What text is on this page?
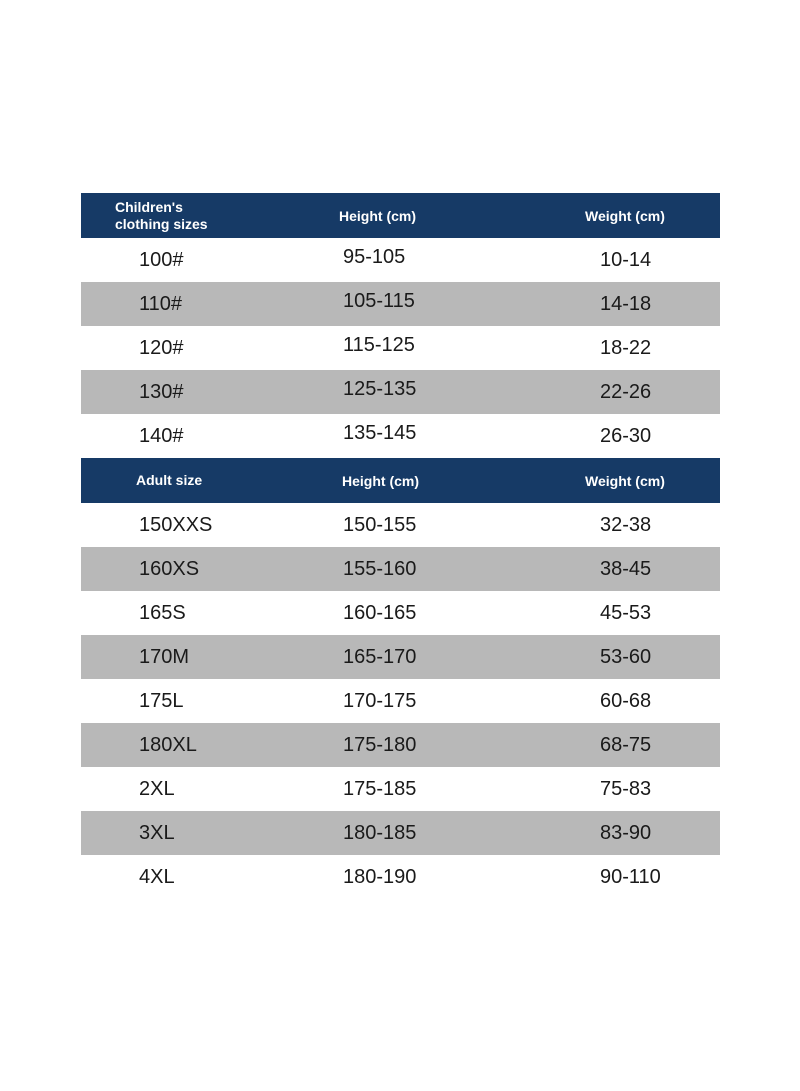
Children's
clothing sizes	Height (cm)	Weight (cm)
100#	95-105	10-14
110#	105-115	14-18
120#	115-125	18-22
130#	125-135	22-26
140#	135-145	26-30
Adult size	Height (cm)	Weight (cm)
150XXS	150-155	32-38
160XS	155-160	38-45
165S	160-165	45-53
170M	165-170	53-60
175L	170-175	60-68
180XL	175-180	68-75
2XL	175-185	75-83
3XL	180-185	83-90
4XL	180-190	90-110
